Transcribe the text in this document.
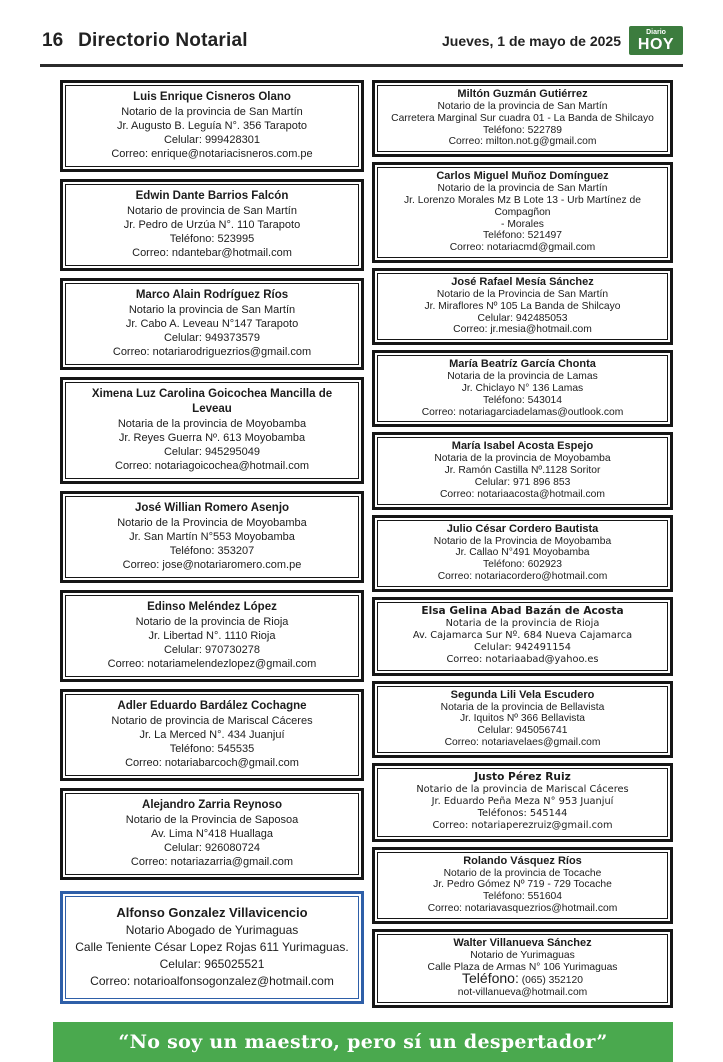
16 Directorio Notarial	Jueves, 1 de mayo de 2025	Diario
HOY
Luis Enrique Cisneros Olano
Notario de la provincia de San Martín
Jr. Augusto B. Leguía N°. 356 Tarapoto
Celular: 999428301
Correo: enrique@notariacisneros.com.pe
Edwin Dante Barrios Falcón
Notario de provincia de San Martín
Jr. Pedro de Urzúa N°. 110 Tarapoto
Teléfono: 523995
Correo: ndantebar@hotmail.com
Marco Alain Rodríguez Ríos
Notario la provincia de San Martín
Jr. Cabo A. Leveau N°147 Tarapoto
Celular: 949373579
Correo: notariarodriguezrios@gmail.com
Ximena Luz Carolina Goicochea Mancilla de Leveau
Notaria de la provincia de Moyobamba
Jr. Reyes Guerra Nº. 613 Moyobamba
Celular: 945295049
Correo: notariagoicochea@hotmail.com
José Willian Romero Asenjo
Notario de la Provincia de Moyobamba
Jr. San Martín N°553 Moyobamba
Teléfono: 353207
Correo: jose@notariaromero.com.pe
Edinso Meléndez López
Notario de la provincia de Rioja
Jr. Libertad N°. 1110 Rioja
Celular: 970730278
Correo: notariamelendezlopez@gmail.com
Adler Eduardo Bardález Cochagne
Notario de provincia de Mariscal Cáceres
Jr. La Merced N°. 434 Juanjuí
Teléfono: 545535
Correo: notariabarcoch@gmail.com
Alejandro Zarria Reynoso
Notario de la Provincia de Saposoa
Av. Lima N°418 Huallaga
Celular: 926080724
Correo: notariazarria@gmail.com
Alfonso Gonzalez Villavicencio
Notario Abogado de Yurimaguas
Calle Teniente César Lopez Rojas 611 Yurimaguas.
Celular: 965025521
Correo: notarioalfonsogonzalez@hotmail.com
Miltón Guzmán Gutiérrez
Notario de la provincia de San Martín
Carretera Marginal Sur cuadra 01 - La Banda de Shilcayo
Teléfono: 522789
Correo: milton.not.g@gmail.com
Carlos Miguel Muñoz Domínguez
Notario de la provincia de San Martín
Jr. Lorenzo Morales Mz B Lote 13 - Urb Martínez de Compagñon
- Morales
Teléfono: 521497
Correo: notariacmd@gmail.com
José Rafael Mesía Sánchez
Notario de la Provincia de San Martín
Jr. Miraflores Nº 105 La Banda de Shilcayo
Celular: 942485053
Correo: jr.mesia@hotmail.com
María Beatríz García Chonta
Notaria de la provincia de Lamas
Jr. Chiclayo N° 136 Lamas
Teléfono: 543014
Correo: notariagarciadelamas@outlook.com
María Isabel Acosta Espejo
Notaria de la provincia de Moyobamba
Jr. Ramón Castilla Nº.1128 Soritor
Celular: 971 896 853
Correo: notariaacosta@hotmail.com
Julio César Cordero Bautista
Notario de la Provincia de Moyobamba
Jr. Callao N°491 Moyobamba
Teléfono: 602923
Correo: notariacordero@hotmail.com
Elsa Gelina Abad Bazán de Acosta
Notaria de la provincia de Rioja
Av. Cajamarca Sur Nº. 684 Nueva Cajamarca
Celular: 942491154
Correo: notariaabad@yahoo.es
Segunda Lili Vela Escudero
Notaria de la provincia de Bellavista
Jr. Iquitos Nº 366 Bellavista
Celular: 945056741
Correo: notariavelaes@gmail.com
Justo Pérez Ruiz
Notario de la provincia de Mariscal Cáceres
Jr. Eduardo Peña Meza N° 953 Juanjuí
Teléfonos: 545144
Correo: notariaperezruiz@gmail.com
Rolando Vásquez Ríos
Notario de la provincia de Tocache
Jr. Pedro Gómez Nº 719 - 729 Tocache
Teléfono: 551604
Correo: notariavasquezrios@hotmail.com
Walter Villanueva Sánchez
Notario de Yurimaguas
Calle Plaza de Armas N° 106 Yurimaguas
Teléfono: (065) 352120
not-villanueva@hotmail.com
“No soy un maestro, pero sí un despertador”
